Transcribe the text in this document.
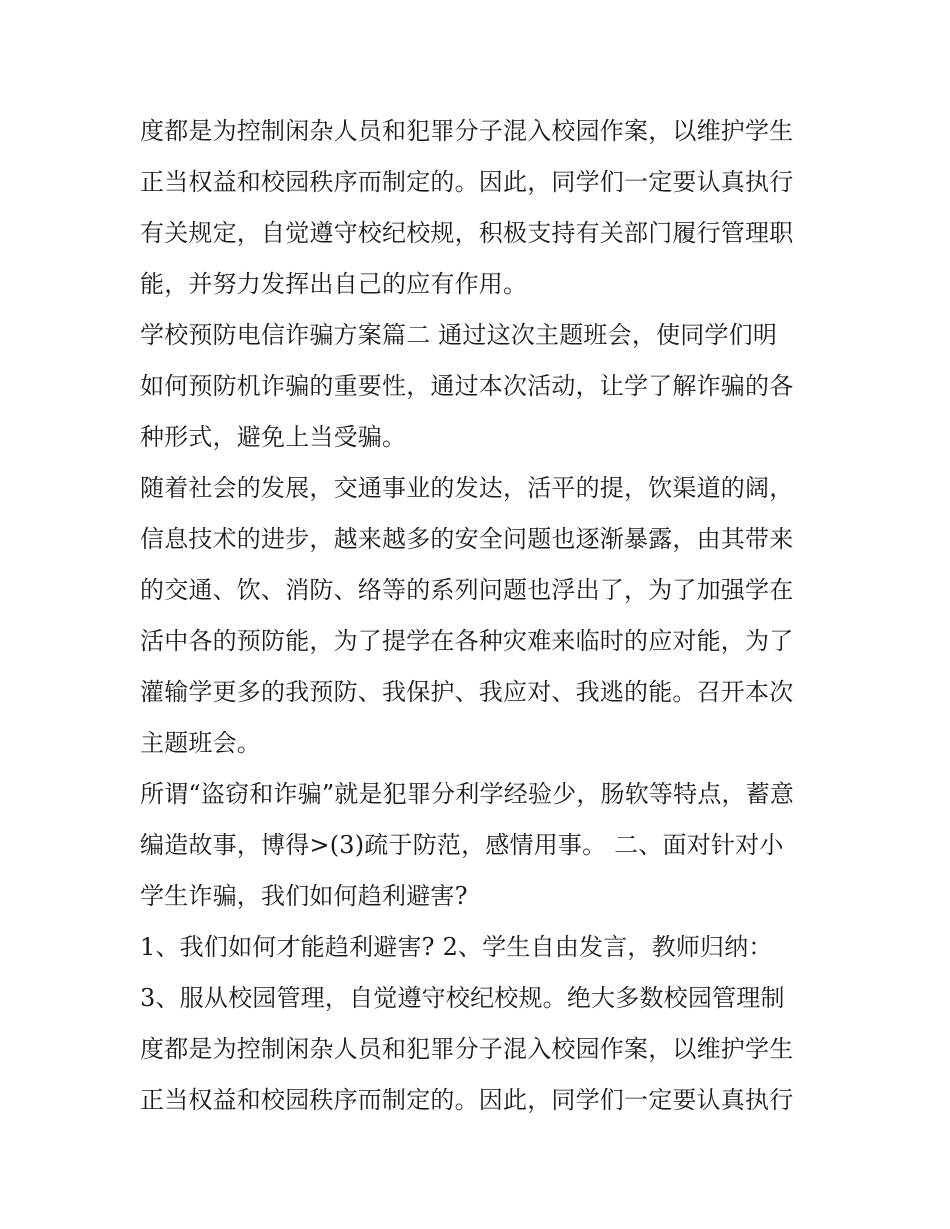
度都是为控制闲杂人员和犯罪分子混入校园作案，以维护学生
正当权益和校园秩序而制定的。因此，同学们一定要认真执行
有关规定，自觉遵守校纪校规，积极支持有关部门履行管理职
能，并努力发挥出自己的应有作用。
学校预防电信诈骗方案篇二 通过这次主题班会，使同学们明
如何预防机诈骗的重要性，通过本次活动，让学了解诈骗的各
种形式，避免上当受骗。
随着社会的发展，交通事业的发达，活平的提，饮渠道的阔，
信息技术的进步，越来越多的安全问题也逐渐暴露，由其带来
的交通、饮、消防、络等的系列问题也浮出了，为了加强学在
活中各的预防能，为了提学在各种灾难来临时的应对能，为了
灌输学更多的我预防、我保护、我应对、我逃的能。召开本次
主题班会。
所谓“盗窃和诈骗”就是犯罪分利学经验少，肠软等特点，蓄意
编造故事，博得>(3)疏于防范，感情用事。 二、面对针对小
学生诈骗，我们如何趋利避害?
1、我们如何才能趋利避害? 2、学生自由发言，教师归纳：
3、服从校园管理，自觉遵守校纪校规。绝大多数校园管理制
度都是为控制闲杂人员和犯罪分子混入校园作案，以维护学生
正当权益和校园秩序而制定的。因此，同学们一定要认真执行
